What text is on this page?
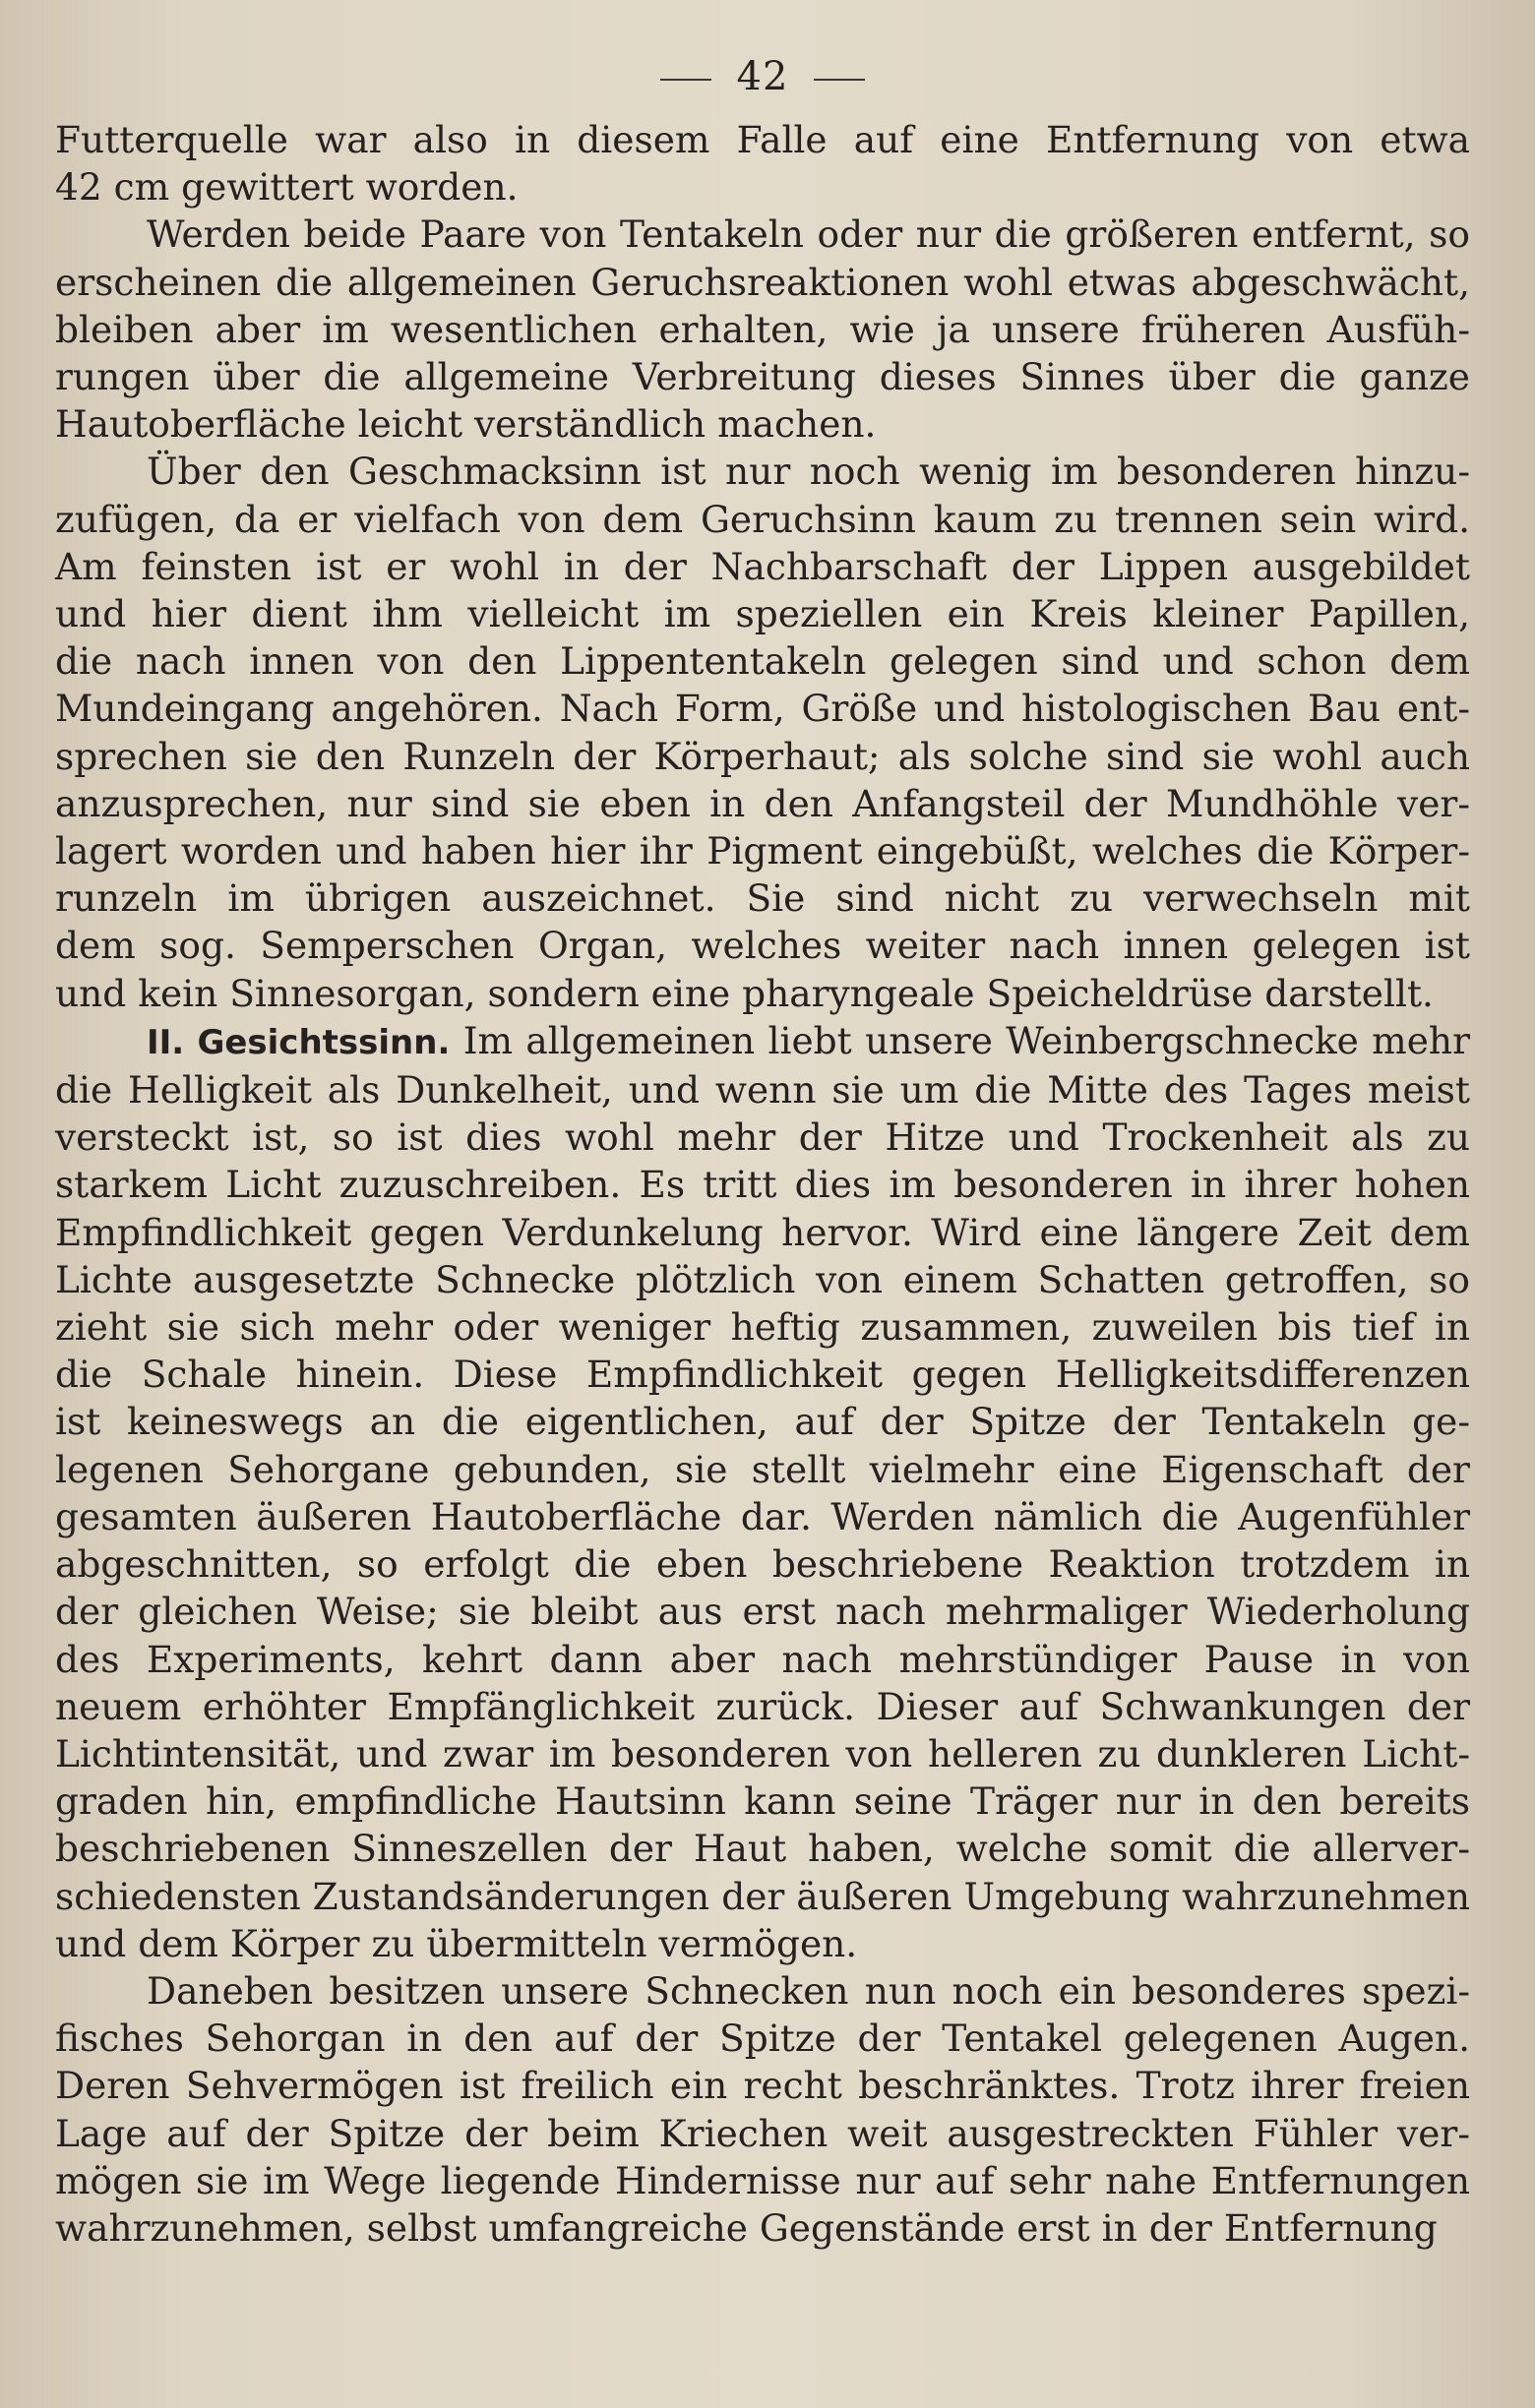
42

Futterquelle war also in diesem Falle auf eine Entfernung von etwa
42 cm gewittert worden.

Werden beide Paare von Tentakeln oder nur die größeren entfernt, so
erscheinen die allgemeinen Geruchsreaktionen wohl etwas abgeschwächt,
bleiben aber im wesentlichen erhalten, wie ja unsere früheren Ausfüh-
rungen über die allgemeine Verbreitung dieses Sinnes über die ganze
Hautoberfläche leicht verständlich machen.

Über den Geschmacksinn ist nur noch wenig im besonderen hinzu-
zufügen, da er vielfach von dem Geruchsinn kaum zu trennen sein wird.
Am feinsten ist er wohl in der Nachbarschaft der Lippen ausgebildet
und hier dient ihm vielleicht im speziellen ein Kreis kleiner Papillen,
die nach innen von den Lippententakeln gelegen sind und schon dem
Mundeingang angehören. Nach Form, Größe und histologischen Bau ent-
sprechen sie den Runzeln der Körperhaut; als solche sind sie wohl auch
anzusprechen, nur sind sie eben in den Anfangsteil der Mundhöhle ver-
lagert worden und haben hier ihr Pigment eingebüßt, welches die Körper-
runzeln im übrigen auszeichnet. Sie sind nicht zu verwechseln mit
dem sog. Semperschen Organ, welches weiter nach innen gelegen ist
und kein Sinnesorgan, sondern eine pharyngeale Speicheldrüse darstellt.

II. Gesichtssinn. Im allgemeinen liebt unsere Weinbergschnecke mehr
die Helligkeit als Dunkelheit, und wenn sie um die Mitte des Tages meist
versteckt ist, so ist dies wohl mehr der Hitze und Trockenheit als zu
starkem Licht zuzuschreiben. Es tritt dies im besonderen in ihrer hohen
Empfindlichkeit gegen Verdunkelung hervor. Wird eine längere Zeit dem
Lichte ausgesetzte Schnecke plötzlich von einem Schatten getroffen, so
zieht sie sich mehr oder weniger heftig zusammen, zuweilen bis tief in
die Schale hinein. Diese Empfindlichkeit gegen Helligkeitsdifferenzen
ist keineswegs an die eigentlichen, auf der Spitze der Tentakeln ge-
legenen Sehorgane gebunden, sie stellt vielmehr eine Eigenschaft der
gesamten äußeren Hautoberfläche dar. Werden nämlich die Augenfühler
abgeschnitten, so erfolgt die eben beschriebene Reaktion trotzdem in
der gleichen Weise; sie bleibt aus erst nach mehrmaliger Wiederholung
des Experiments, kehrt dann aber nach mehrstündiger Pause in von
neuem erhöhter Empfänglichkeit zurück. Dieser auf Schwankungen der
Lichtintensität, und zwar im besonderen von helleren zu dunkleren Licht-
graden hin, empfindliche Hautsinn kann seine Träger nur in den bereits
beschriebenen Sinneszellen der Haut haben, welche somit die allerver-
schiedensten Zustandsänderungen der äußeren Umgebung wahrzunehmen
und dem Körper zu übermitteln vermögen.

Daneben besitzen unsere Schnecken nun noch ein besonderes spezi-
fisches Sehorgan in den auf der Spitze der Tentakel gelegenen Augen.
Deren Sehvermögen ist freilich ein recht beschränktes. Trotz ihrer freien
Lage auf der Spitze der beim Kriechen weit ausgestreckten Fühler ver-
mögen sie im Wege liegende Hindernisse nur auf sehr nahe Entfernungen
wahrzunehmen, selbst umfangreiche Gegenstände erst in der Entfernung
